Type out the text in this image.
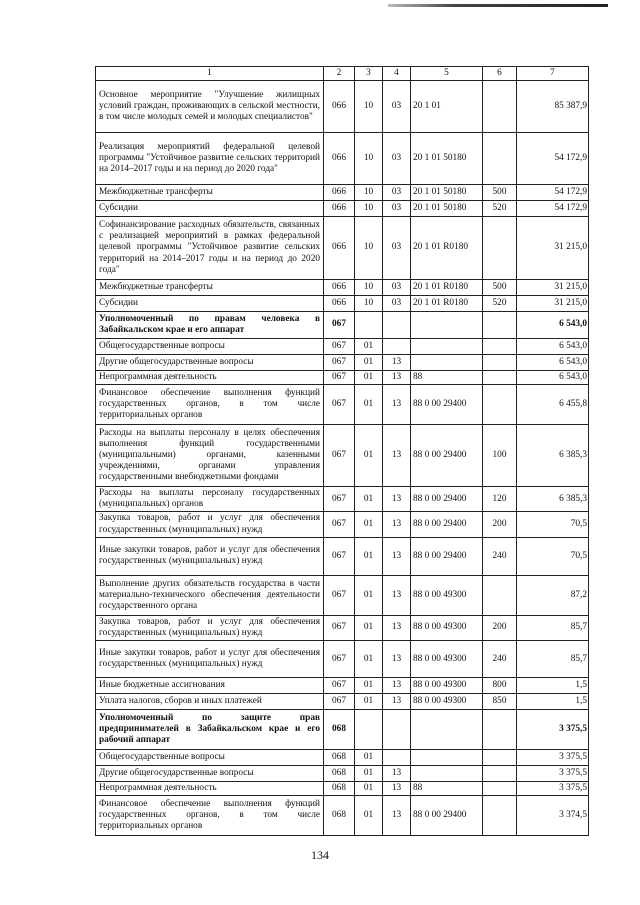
1	2	3	4	5	6	7
Основное мероприятие "Улучшение жилищных условий граждан, проживающих в сельской местности, в том числе молодых семей и молодых специалистов"	066	10	03	20 1 01		85 387,9
Реализация мероприятий федеральной целевой программы "Устойчивое развитие сельских территорий на 2014–2017 годы и на период до 2020 года"	066	10	03	20 1 01 50180		54 172,9
Межбюджетные трансферты	066	10	03	20 1 01 50180	500	54 172,9
Субсидии	066	10	03	20 1 01 50180	520	54 172,9
Софинансирование расходных обязательств, связанных с реализацией мероприятий в рамках федеральной целевой программы "Устойчивое развитие сельских территорий на 2014–2017 годы и на период до 2020 года"	066	10	03	20 1 01 R0180		31 215,0
Межбюджетные трансферты	066	10	03	20 1 01 R0180	500	31 215,0
Субсидии	066	10	03	20 1 01 R0180	520	31 215,0
Уполномоченный по правам человека в Забайкальском крае и его аппарат	067					6 543,0
Общегосударственные вопросы	067	01				6 543,0
Другие общегосударственные вопросы	067	01	13			6 543,0
Непрограммная деятельность	067	01	13	88		6 543,0
Финансовое обеспечение выполнения функций государственных органов, в том числе территориальных органов	067	01	13	88 0 00 29400		6 455,8
Расходы на выплаты персоналу в целях обеспечения выполнения функций государственными (муниципальными) органами, казенными учреждениями, органами управления государственными внебюджетными фондами	067	01	13	88 0 00 29400	100	6 385,3
Расходы на выплаты персоналу государственных (муниципальных) органов	067	01	13	88 0 00 29400	120	6 385,3
Закупка товаров, работ и услуг для обеспечения государственных (муниципальных) нужд	067	01	13	88 0 00 29400	200	70,5
Иные закупки товаров, работ и услуг для обеспечения государственных (муниципальных) нужд	067	01	13	88 0 00 29400	240	70,5
Выполнение других обязательств государства в части материально-технического обеспечения деятельности государственного органа	067	01	13	88 0 00 49300		87,2
Закупка товаров, работ и услуг для обеспечения государственных (муниципальных) нужд	067	01	13	88 0 00 49300	200	85,7
Иные закупки товаров, работ и услуг для обеспечения государственных (муниципальных) нужд	067	01	13	88 0 00 49300	240	85,7
Иные бюджетные ассигнования	067	01	13	88 0 00 49300	800	1,5
Уплата налогов, сборов и иных платежей	067	01	13	88 0 00 49300	850	1,5
Уполномоченный по защите прав предпринимателей в Забайкальском крае и его рабочий аппарат	068					3 375,5
Общегосударственные вопросы	068	01				3 375,5
Другие общегосударственные вопросы	068	01	13			3 375,5
Непрограммная деятельность	068	01	13	88		3 375,5
Финансовое обеспечение выполнения функций государственных органов, в том числе территориальных органов	068	01	13	88 0 00 29400		3 374,5
134
